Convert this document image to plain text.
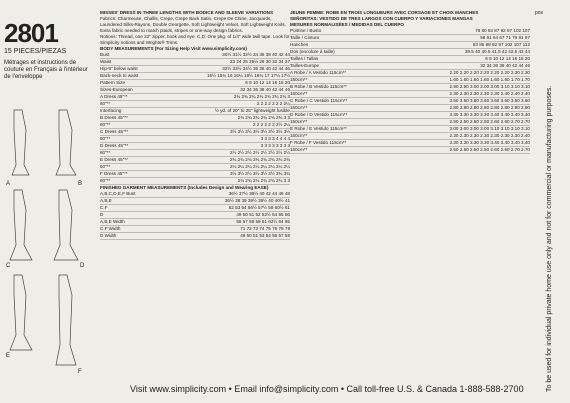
2801
15 PIECES/PIEZAS
Métrages et instructions de couture en Français à l'intérieur de l'enveloppe
A	B
C	D
E
F
MISSES' DRESS IN THREE LENGTHS WITH BODICE AND SLEEVE VARIATIONS
Fabrics: Charmeuse, Challis, Crepe, Crepe Back Satin, Crepe De Chine, Jacquards, Laundered Silks-Rayons, Double Georgette, Soft Lightweight Velvet, Soft Lightweight Knits. Extra fabric needed to match plaids, stripes or one-way design fabrics.
Notions: Thread, one 22" zipper, hook and eye. C,D: One pkg. of 1/4" wide twill tape. Look for Simplicity notions and Wrights® Trims.
BODY MEASUREMENTS (For Sizing Help Visit www.simplicity.com)
Bust	30½ 31½ 32½ 34 36 38 40 42 44
Waist	23 24 25 26½ 28 30 32 34 37
Hip-9" below waist	32½ 33½ 34½ 36 38 40 42 44 46
Back-neck to waist	15½ 15¾ 16 16¼ 16½ 16¾ 17 17¼ 17½
Pattern Size	6 8 10 12 14 16 18 20
Sizes-European	32 34 36 38 40 42 44 46
A Dress 45"**	2¾ 2¾ 2¾ 2¾ 2¾ 2¾ 2¾ 3
60"**	2 2 2 2 2 2 2 2¼
Interfacing	½ yd. of 20" to 25" lightweight fusible
B Dress 45"**	2¾ 2¾ 2¾ 2¾ 2¾ 2¾ 3 3
60"**	2 2 2 2 2 2 2½ 2¼
C Dress 45"**	3½ 3½ 3½ 3½ 3½ 3½ 3½ 3½
60"**	3 3 3 3 4 4 4 4
D Dress 45"**	3 3 3 3 3 3 3 3
60"**	2½ 2½ 2½ 2½ 2½ 2½ 2½ 2½
E Dress 45"**	2¾ 2¾ 2¾ 2¾ 2¾ 2¾ 2¾ 2¾
60"**	2¼ 2¼ 2¼ 2¼ 2¼ 2¼ 2¼ 2¼
F Dress 45"**	3½ 3½ 3½ 3½ 3½ 3½ 3¾ 3¾
60"**	2¾ 2¾ 2¾ 2¾ 2¾ 2¾ 3 3
FINISHED GARMENT MEASUREMENTS (Includes Design and Wearing EASE)
A,B,C,D,E,F Bust	36½ 37½ 38½ 40 42 44 46 48
A,B,E	36½ 38 39 39½ 39½ 40 40½ 41
C,F	52 53 54 56½ 57½ 58 60½ 61
D	49 50 51 52 52½ 54 55 56
A,B,E Width	56 57 58 59 61 62½ 64 65
C,F Width	71 72 73 74 75 76 78 79
D Width	49 50 51 53 54 55 57 58
JEUNE FEMME: ROBE EN TROIS LONGUEURS AVEC CORSAGE ET CHOIX MANCHES
SEÑORITAS: VESTIDO DE TRES LARGOS CON CUERPO Y VARIACIONES MANGAS
MESURES NORMALISÉES / MEDIDAS DEL CUERPO
Poitrine / Busto	78 80 83 87 92 97 102 107
Taille / Cintura	58 61 64 67 71 76 81 87
Hanches	83 85 88 92 97 102 107 112
Dos (encolure à taille)	39.5 40 40.5 41.5 42 42.5 43 44
Tailles / Tallas	6 8 10 12 14 16 18 20
Tailles-Europe	32 34 36 38 40 42 44 46
A Robe / A Vestido 115cm**	2.20 2.20 2.20 2.20 2.20 2.20 2.30 2.30
150cm**	1.60 1.60 1.60 1.60 1.60 1.60 1.70 1.70
B Robe / B Vestido 115cm**	2.90 2.90 3.00 3.00 3.00 3.10 3.10 3.10
150cm**	2.30 2.30 2.30 2.30 2.30 2.40 2.40 2.40
C Robe / C Vestido 115cm**	3.50 3.50 3.60 3.60 3.60 3.60 3.60 3.60
150cm**	2.80 2.80 2.80 2.80 2.80 2.80 2.90 2.90
D Robe / D Vestido 115cm**	3.30 3.30 3.30 3.30 3.40 3.40 3.40 3.40
150cm**	2.50 2.50 2.50 2.50 2.60 2.60 2.70 2.70
E Robe / E Vestido 115cm**	3.00 3.00 3.00 3.00 3.10 3.10 3.10 3.10
150cm**	2.30 2.30 2.30 2.30 2.30 2.30 2.30 2.40
F Robe / F Vestido 115cm**	3.30 3.30 3.30 3.30 3.40 3.40 3.40 3.40
150cm**	2.50 2.50 2.50 2.50 2.60 2.60 2.70 2.70
pos
To be used for individual private home use only and not for commercial or manufacturing purposes.
Visit www.simplicity.com • Email info@simplicity.com • Call toll-free U.S. & Canada 1-888-588-2700
